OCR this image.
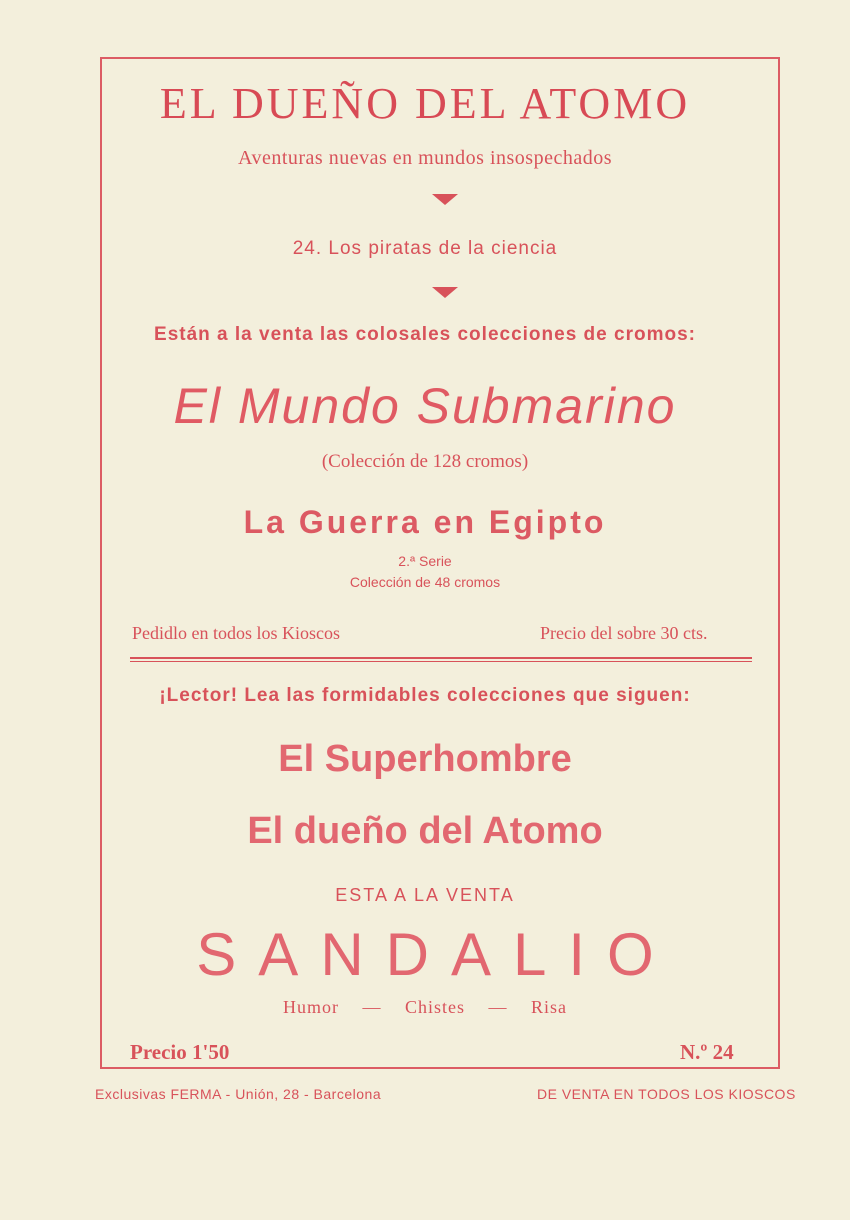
EL DUEÑO DEL ATOMO
Aventuras nuevas en mundos insospechados
24. Los piratas de la ciencia
Están a la venta las colosales colecciones de cromos:
El Mundo Submarino
(Colección de 128 cromos)
La Guerra en Egipto
2.ª Serie
Colección de 48 cromos
Pedidlo en todos los Kioscos	Precio del sobre 30 cts.
¡Lector! Lea las formidables colecciones que siguen:
El Superhombre
El dueño del Atomo
ESTA A LA VENTA
SANDALIO
Humor — Chistes — Risa
Precio 1'50	N.º 24
Exclusivas FERMA - Unión, 28 - Barcelona	DE VENTA EN TODOS LOS KIOSCOS
